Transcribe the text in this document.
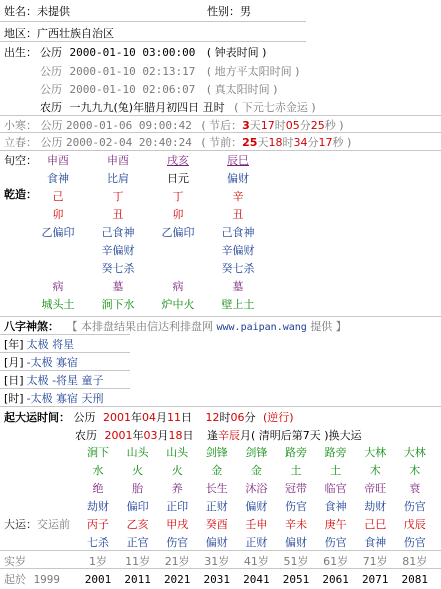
姓名：未提供	性别：男
地区：广西壮族自治区
出生： 公历 2000-01-10 03:00:00 ( 钟表时间 )
公历 2000-01-10 02:13:17 ( 地方平太阳时间 )
公历 2000-01-10 02:06:07 ( 真太阳时间 )
农历 一九九九(兔)年腊月初四日 丑时 ( 下元七赤金运 )
小寒： 公历 2000-01-06 09:00:42 ( 节后：3天17时05分25秒 )
立春： 公历 2000-02-04 20:40:24 ( 节前：25天18时34分17秒 )
旬空：
乾造：
申酉
食神
己
卯
乙偏印
病
城头土
申酉
比肩
丁
丑
己食神
辛偏财
癸七杀
墓
涧下水
戌亥
日元
丁
卯
乙偏印
病
炉中火
辰巳
偏财
辛
丑
己食神
辛偏财
癸七杀
墓
壁上土
八字神煞： 【 本排盘结果由信达利排盘网 www.paipan.wang 提供 】
[年] 太极 将星
[月] -太极 寡宿
[日] 太极 -将星 童子
[时] -太极 寡宿 天刑
起大运时间： 公历 2001年04月11日 12时06分 (逆行)
农历 2001年03月18日 逢辛辰月( 清明后第7天 )换大运
大运：交运前
实岁
起於 1999
涧下
水
绝
劫财
丙子
七杀
1岁
2001
山头
火
胎
偏印
乙亥
正官
11岁
2011
山头
火
养
正印
甲戌
伤官
21岁
2021
剑锋
金
长生
正财
癸酉
偏财
31岁
2031
剑锋
金
沐浴
偏财
壬申
正财
41岁
2041
路旁
土
冠带
伤官
辛未
偏财
51岁
2051
路旁
土
临官
食神
庚午
伤官
61岁
2061
大林
木
帝旺
劫财
己巳
食神
71岁
2071
大林
木
衰
伤官
戊辰
伤官
81岁
2081
